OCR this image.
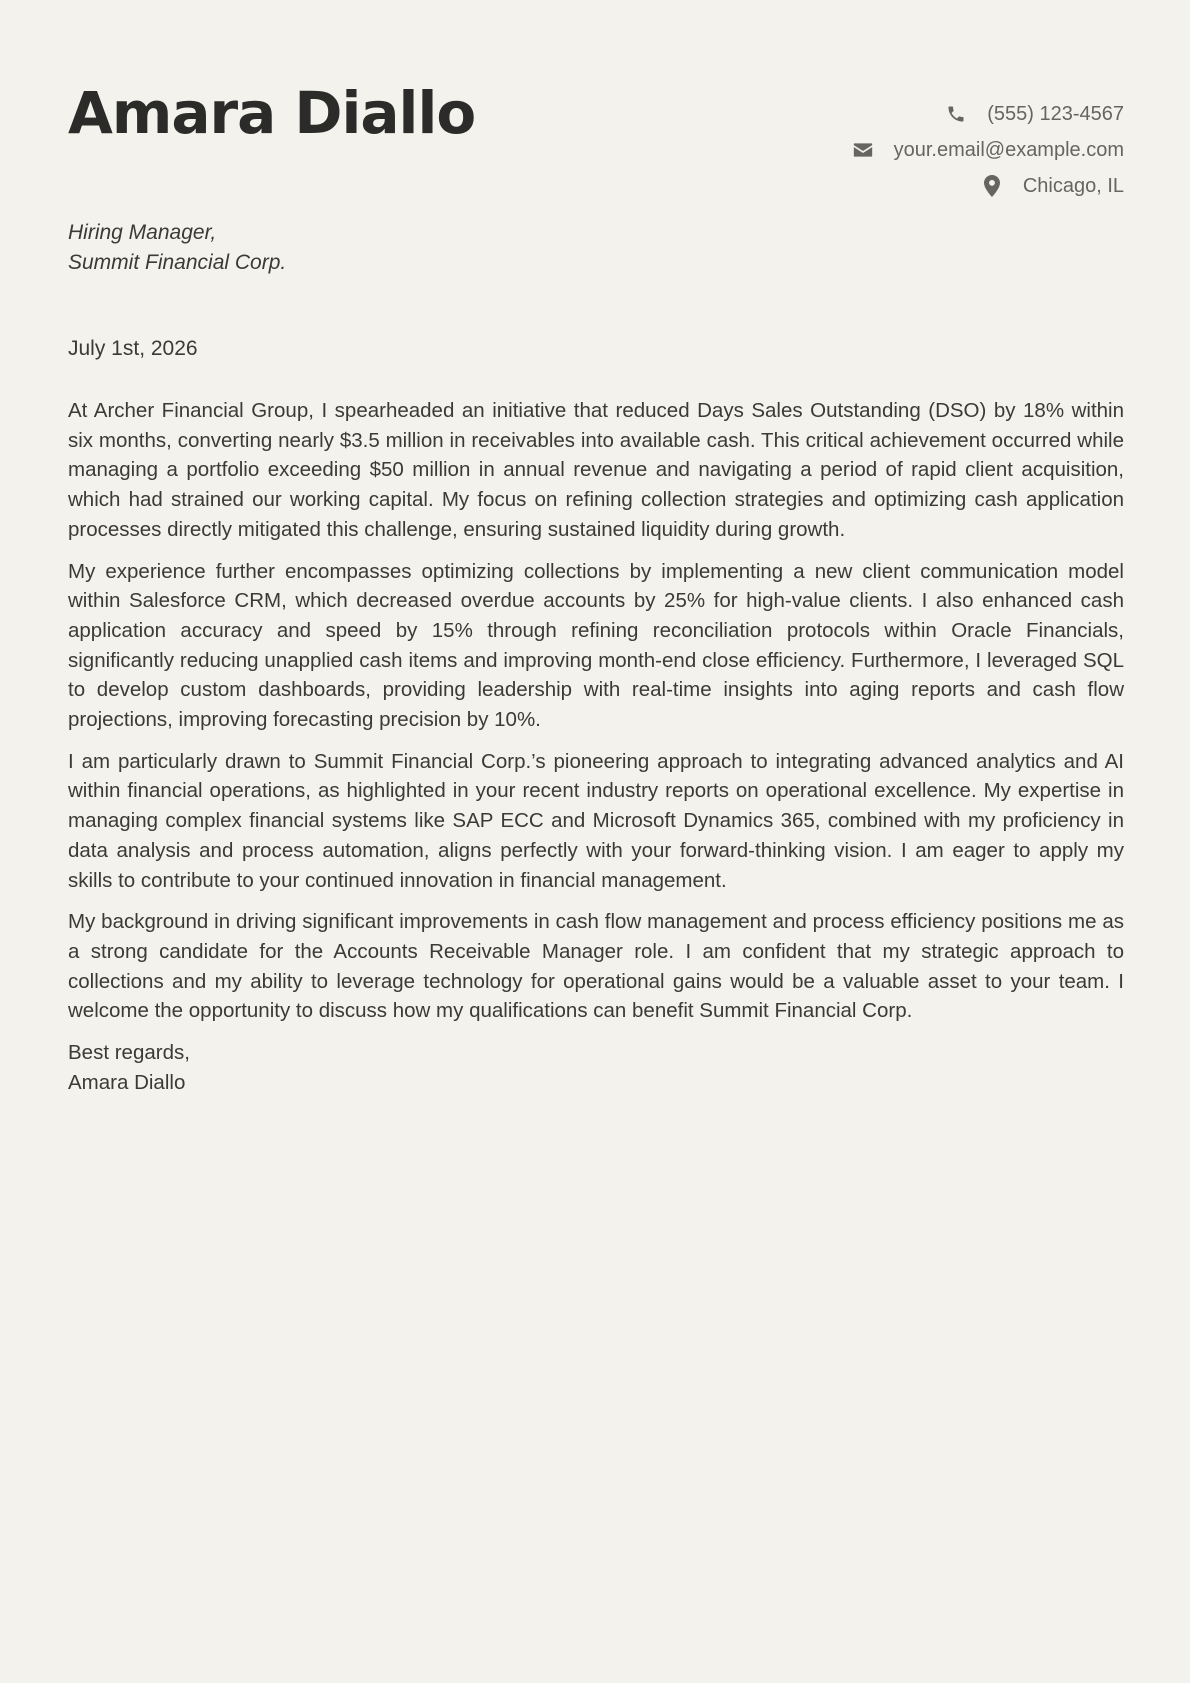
Amara Diallo	(555) 123-4567
your.email@example.com
Chicago, IL
Hiring Manager,
Summit Financial Corp.
July 1st, 2026

At Archer Financial Group, I spearheaded an initiative that reduced Days Sales Outstanding (DSO) by 18% within six months, converting nearly $3.5 million in receivables into available cash. This critical achievement occurred while managing a portfolio exceeding $50 million in annual revenue and navigating a period of rapid client acquisition, which had strained our working capital. My focus on refining collection strategies and optimizing cash application processes directly mitigated this challenge, ensuring sustained liquidity during growth.

My experience further encompasses optimizing collections by implementing a new client communication model within Salesforce CRM, which decreased overdue accounts by 25% for high-value clients. I also enhanced cash application accuracy and speed by 15% through refining reconciliation protocols within Oracle Financials, significantly reducing unapplied cash items and improving month-end close efficiency. Furthermore, I leveraged SQL to develop custom dashboards, providing leadership with real-time insights into aging reports and cash flow projections, improving forecasting precision by 10%.

I am particularly drawn to Summit Financial Corp.’s pioneering approach to integrating advanced analytics and AI within financial operations, as highlighted in your recent industry reports on operational excellence. My expertise in managing complex financial systems like SAP ECC and Microsoft Dynamics 365, combined with my proficiency in data analysis and process automation, aligns perfectly with your forward-thinking vision. I am eager to apply my skills to contribute to your continued innovation in financial management.

My background in driving significant improvements in cash flow management and process efficiency positions me as a strong candidate for the Accounts Receivable Manager role. I am confident that my strategic approach to collections and my ability to leverage technology for operational gains would be a valuable asset to your team. I welcome the opportunity to discuss how my qualifications can benefit Summit Financial Corp.

Best regards,
Amara Diallo
